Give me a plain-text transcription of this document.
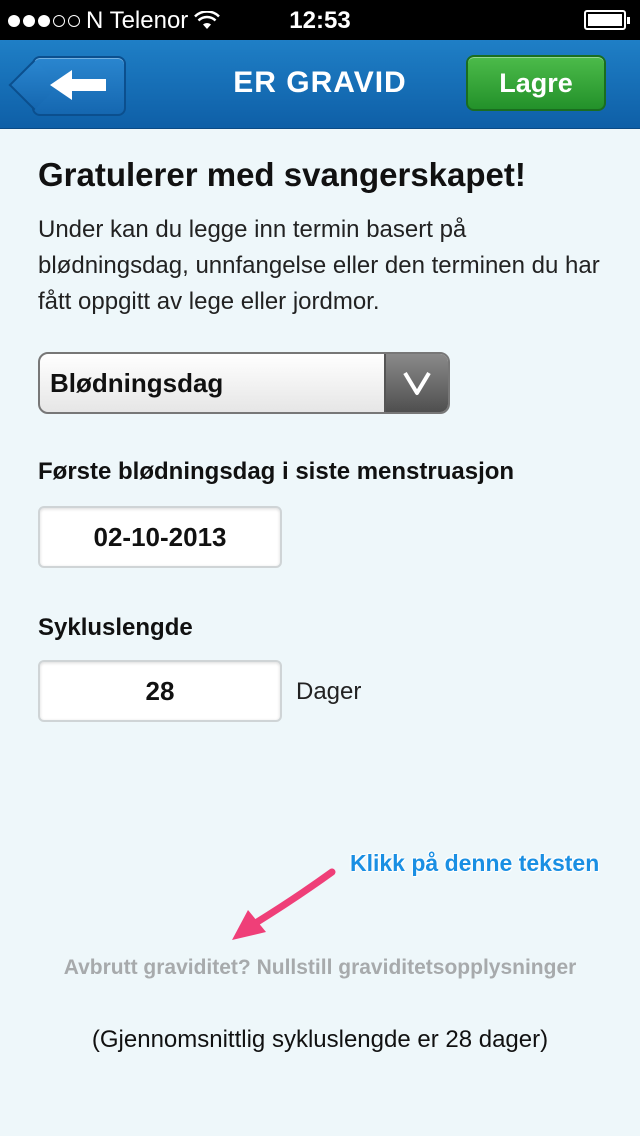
N Telenor	12:53
ER GRAVID	Lagre
Gratulerer med svangerskapet!
Under kan du legge inn termin basert på blødningsdag, unnfangelse eller den terminen du har fått oppgitt av lege eller jordmor.
Blødningsdag
Første blødningsdag i siste menstruasjon
02-10-2013
Sykluslengde
28	Dager
Klikk på denne teksten
Avbrutt graviditet? Nullstill graviditetsopplysninger
(Gjennomsnittlig sykluslengde er 28 dager)
